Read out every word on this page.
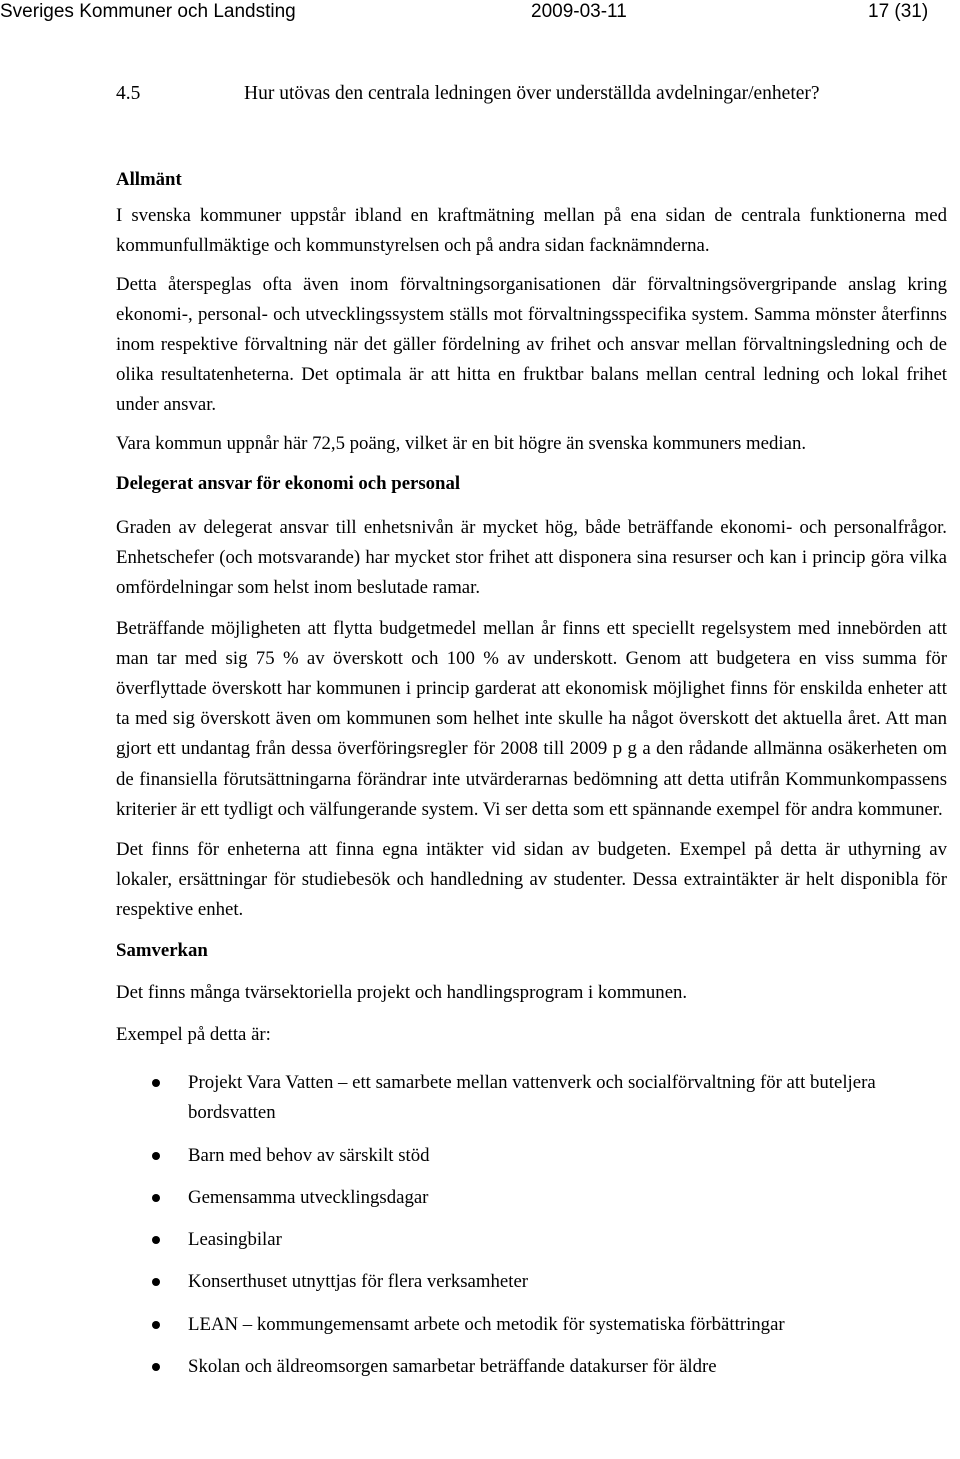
Sveriges Kommuner och Landsting	2009-03-11	17 (31)
4.5	Hur utövas den centrala ledningen över underställda avdelningar/enheter?
Allmänt

I svenska kommuner uppstår ibland en kraftmätning mellan på ena sidan de centrala funktionerna med kommunfullmäktige och kommunstyrelsen och på andra sidan facknämnderna.

Detta återspeglas ofta även inom förvaltningsorganisationen där förvaltningsövergripande anslag kring ekonomi-, personal- och utvecklingssystem ställs mot förvaltningsspecifika system. Samma mönster återfinns inom respektive förvaltning när det gäller fördelning av frihet och ansvar mellan förvaltningsledning och de olika resultatenheterna. Det optimala är att hitta en fruktbar balans mellan central ledning och lokal frihet under ansvar.

Vara kommun uppnår här 72,5 poäng, vilket är en bit högre än svenska kommuners median.

Delegerat ansvar för ekonomi och personal

Graden av delegerat ansvar till enhetsnivån är mycket hög, både beträffande ekonomi- och personalfrågor. Enhetschefer (och motsvarande) har mycket stor frihet att disponera sina resurser och kan i princip göra vilka omfördelningar som helst inom beslutade ramar.

Beträffande möjligheten att flytta budgetmedel mellan år finns ett speciellt regelsystem med innebörden att man tar med sig 75 % av överskott och 100 % av underskott. Genom att budgetera en viss summa för överflyttade överskott har kommunen i princip garderat att ekonomisk möjlighet finns för enskilda enheter att ta med sig överskott även om kommunen som helhet inte skulle ha något överskott det aktuella året. Att man gjort ett undantag från dessa överföringsregler för 2008 till 2009 p g a den rådande allmänna osäkerheten om de finansiella förutsättningarna förändrar inte utvärderarnas bedömning att detta utifrån Kommunkompassens kriterier är ett tydligt och välfungerande system. Vi ser detta som ett spännande exempel för andra kommuner.

Det finns för enheterna att finna egna intäkter vid sidan av budgeten. Exempel på detta är uthyrning av lokaler, ersättningar för studiebesök och handledning av studenter. Dessa extraintäkter är helt disponibla för respektive enhet.

Samverkan

Det finns många tvärsektoriella projekt och handlingsprogram i kommunen.

Exempel på detta är:

Projekt Vara Vatten – ett samarbete mellan vattenverk och socialförvaltning för att buteljera bordsvatten
Barn med behov av särskilt stöd
Gemensamma utvecklingsdagar
Leasingbilar
Konserthuset utnyttjas för flera verksamheter
LEAN – kommungemensamt arbete och metodik för systematiska förbättringar
Skolan och äldreomsorgen samarbetar beträffande datakurser för äldre
